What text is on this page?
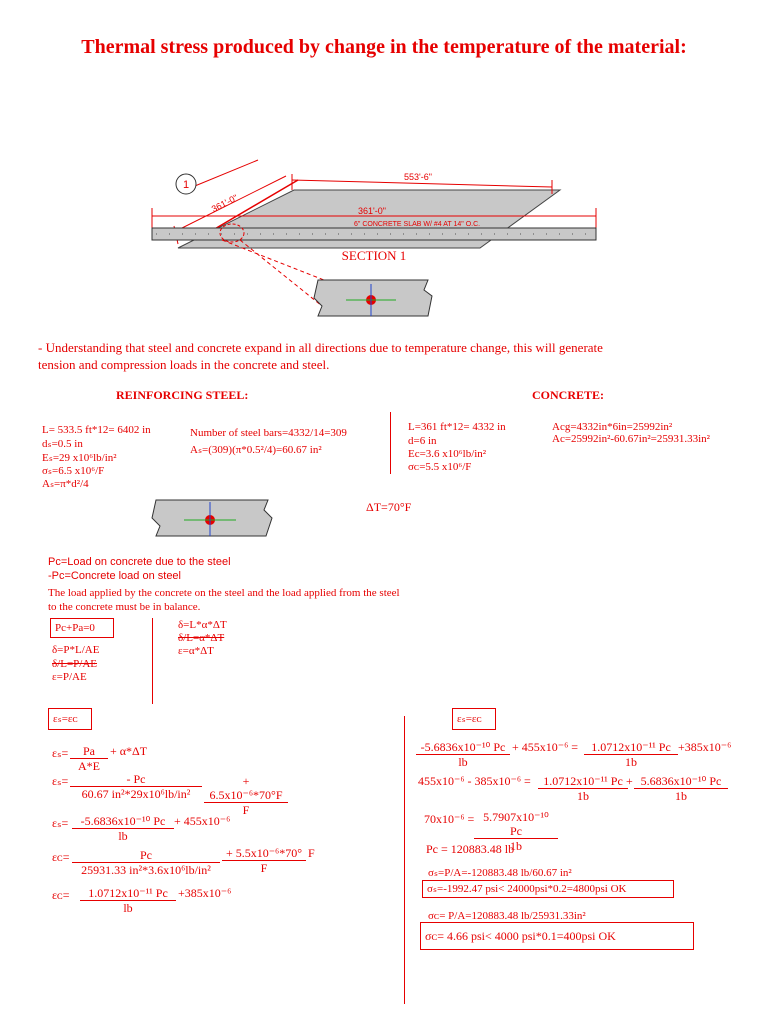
Thermal stress produced by change in the temperature of the material:
553'-6"
361'-0"
6" CONCRETE SLAB W/ #4 AT 14" O.C.
1
361'-0"
SECTION 1
- Understanding that steel and concrete expand in all directions due to temperature change, this will generate
tension and compression loads in the concrete and steel.
REINFORCING STEEL:
L= 533.5 ft*12= 6402 in
dₛ=0.5 in
Eₛ=29 x10⁶lb/in²
σₛ=6.5 x10⁶/F
Aₛ=π*d²/4
Number of steel bars=4332/14=309
Aₛ=(309)(π*0.5²/4)=60.67 in²
CONCRETE:
L=361 ft*12= 4332 in
d=6 in
Ec=3.6 x10⁶lb/in²
σᴄ=5.5 x10⁶/F
Acg=4332in*6in=25992in²
Ac=25992in²-60.67in²=25931.33in²
ΔT=70°F
Pc=Load on concrete due to the steel
-Pc=Concrete load on steel
The load applied by the concrete on the steel and the load applied from the steel
to the concrete must be in balance.
Pc+Pa=0
δ=P*L/AE
δ/L=P/AE
ε=P/AE
δ=L*α*ΔT
δ/L=α*ΔT
ε=α*ΔT
εₛ=εᴄ
$\varepsilon_s= \frac{Pa}{A*E} + \alpha*\Delta T$
$\varepsilon_s= \frac{- Pc}{\text{60.67 in²*29x10⁶lb/in²}} \frac{\text{+ 6.5x10⁻⁶*70°F}}{F}$
$\varepsilon_s= \frac{\text{-5.6836x10⁻¹⁰ Pc}}{lb} + 455x10^{-6}$
εᴄ= $\frac{Pc}{\text{25931.33 in²*3.6x10⁶lb/in²}} \frac{\text{+ 5.5x10⁻⁶*70°}}{F}$ F
εᴄ= $\frac{\text{1.0712x10⁻¹¹ Pc}}{lb} +385x10^{-6}$
εₛ=εᴄ
$\frac{\text{-5.6836x10⁻¹⁰ Pc}}{lb} + 455x10^{-6} = \frac{\text{1.0712x10⁻¹¹ Pc}}{1b} +385x10^{-6}$
$455x10^{-6} - 385x10^{-6} = \frac{\text{1.0712x10⁻¹¹ Pc}}{1b}$
+ $\frac{\text{5.6836x10⁻¹⁰ Pc}}{1b}$
$70x10^{-6} = \frac{\text{5.7907x10⁻¹⁰ Pc}}{1b}$
Pc = 120883.48 lb
σₛ=P/A=-120883.48 lb/60.67 in²
σₛ=-1992.47 psi< 24000psi*0.2=4800psi OK
σᴄ= P/A=120883.48 lb/25931.33in²
σᴄ= 4.66 psi< 4000 psi*0.1=400psi OK
